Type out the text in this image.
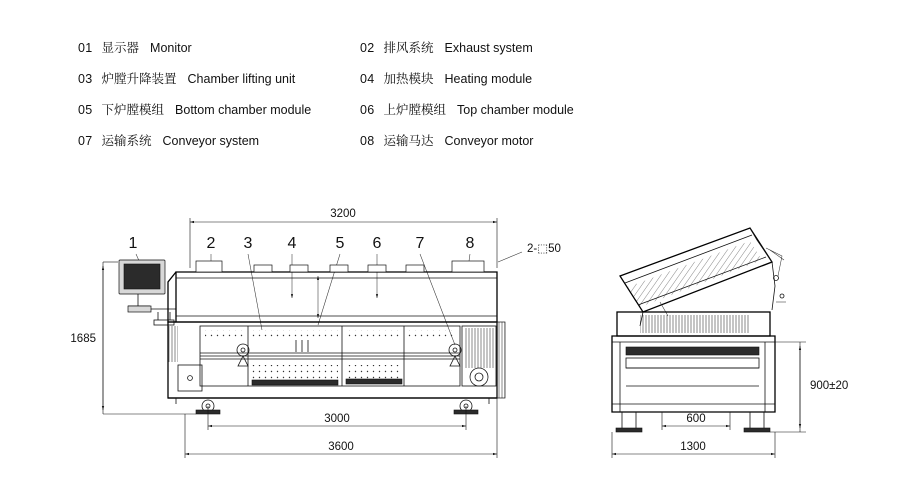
01 显示器 Monitor	02 排风系统 Exhaust system
03 炉膛升降装置 Chamber lifting unit	04 加热模块 Heating module
05 下炉膛模组 Bottom chamber module	06 上炉膛模组 Top chamber module
07 运输系统 Conveyor system	08 运输马达 Conveyor motor
3200
1	2 3 4 5 6 7	8	2-⬚50
1685
3000
3600
900±20
600
1300
